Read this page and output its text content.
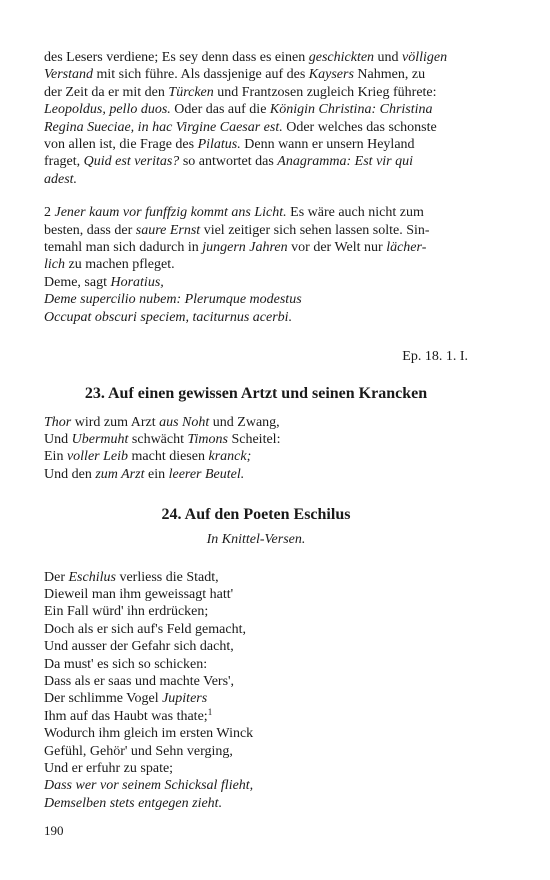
des Lesers verdiene; Es sey denn dass es einen geschickten und völligen
Verstand mit sich führe. Als dassjenige auf des Kaysers Nahmen, zu
der Zeit da er mit den Türcken und Frantzosen zugleich Krieg führete:
Leopoldus, pello duos. Oder das auf die Königin Christina: Christina
Regina Sueciae, in hac Virgine Caesar est. Oder welches das schonste
von allen ist, die Frage des Pilatus. Denn wann er unsern Heyland
fraget, Quid est veritas? so antwortet das Anagramma: Est vir qui
adest.
2 Jener kaum vor funffzig kommt ans Licht. Es wäre auch nicht zum
besten, dass der saure Ernst viel zeitiger sich sehen lassen solte. Sin-
temahl man sich dadurch in jungern Jahren vor der Welt nur lächer-
lich zu machen pfleget.
Deme, sagt Horatius,
Deme supercilio nubem: Plerumque modestus
Occupat obscuri speciem, taciturnus acerbi.
Ep. 18. 1. I.
23. Auf einen gewissen Artzt und seinen Krancken
Thor wird zum Arzt aus Noht und Zwang,
Und Ubermuht schwächt Timons Scheitel:
Ein voller Leib macht diesen kranck;
Und den zum Arzt ein leerer Beutel.
24. Auf den Poeten Eschilus
In Knittel-Versen.
Der Eschilus verliess die Stadt,
Dieweil man ihm geweissagt hatt'
Ein Fall würd' ihn erdrücken;
Doch als er sich auf's Feld gemacht,
Und ausser der Gefahr sich dacht,
Da must' es sich so schicken:
Dass als er saas und machte Vers',
Der schlimme Vogel Jupiters
Ihm auf das Haubt was thate;$^1$
Wodurch ihm gleich im ersten Winck
Gefühl, Gehör' und Sehn verging,
Und er erfuhr zu spate;
Dass wer vor seinem Schicksal flieht,
Demselben stets entgegen zieht.
190
